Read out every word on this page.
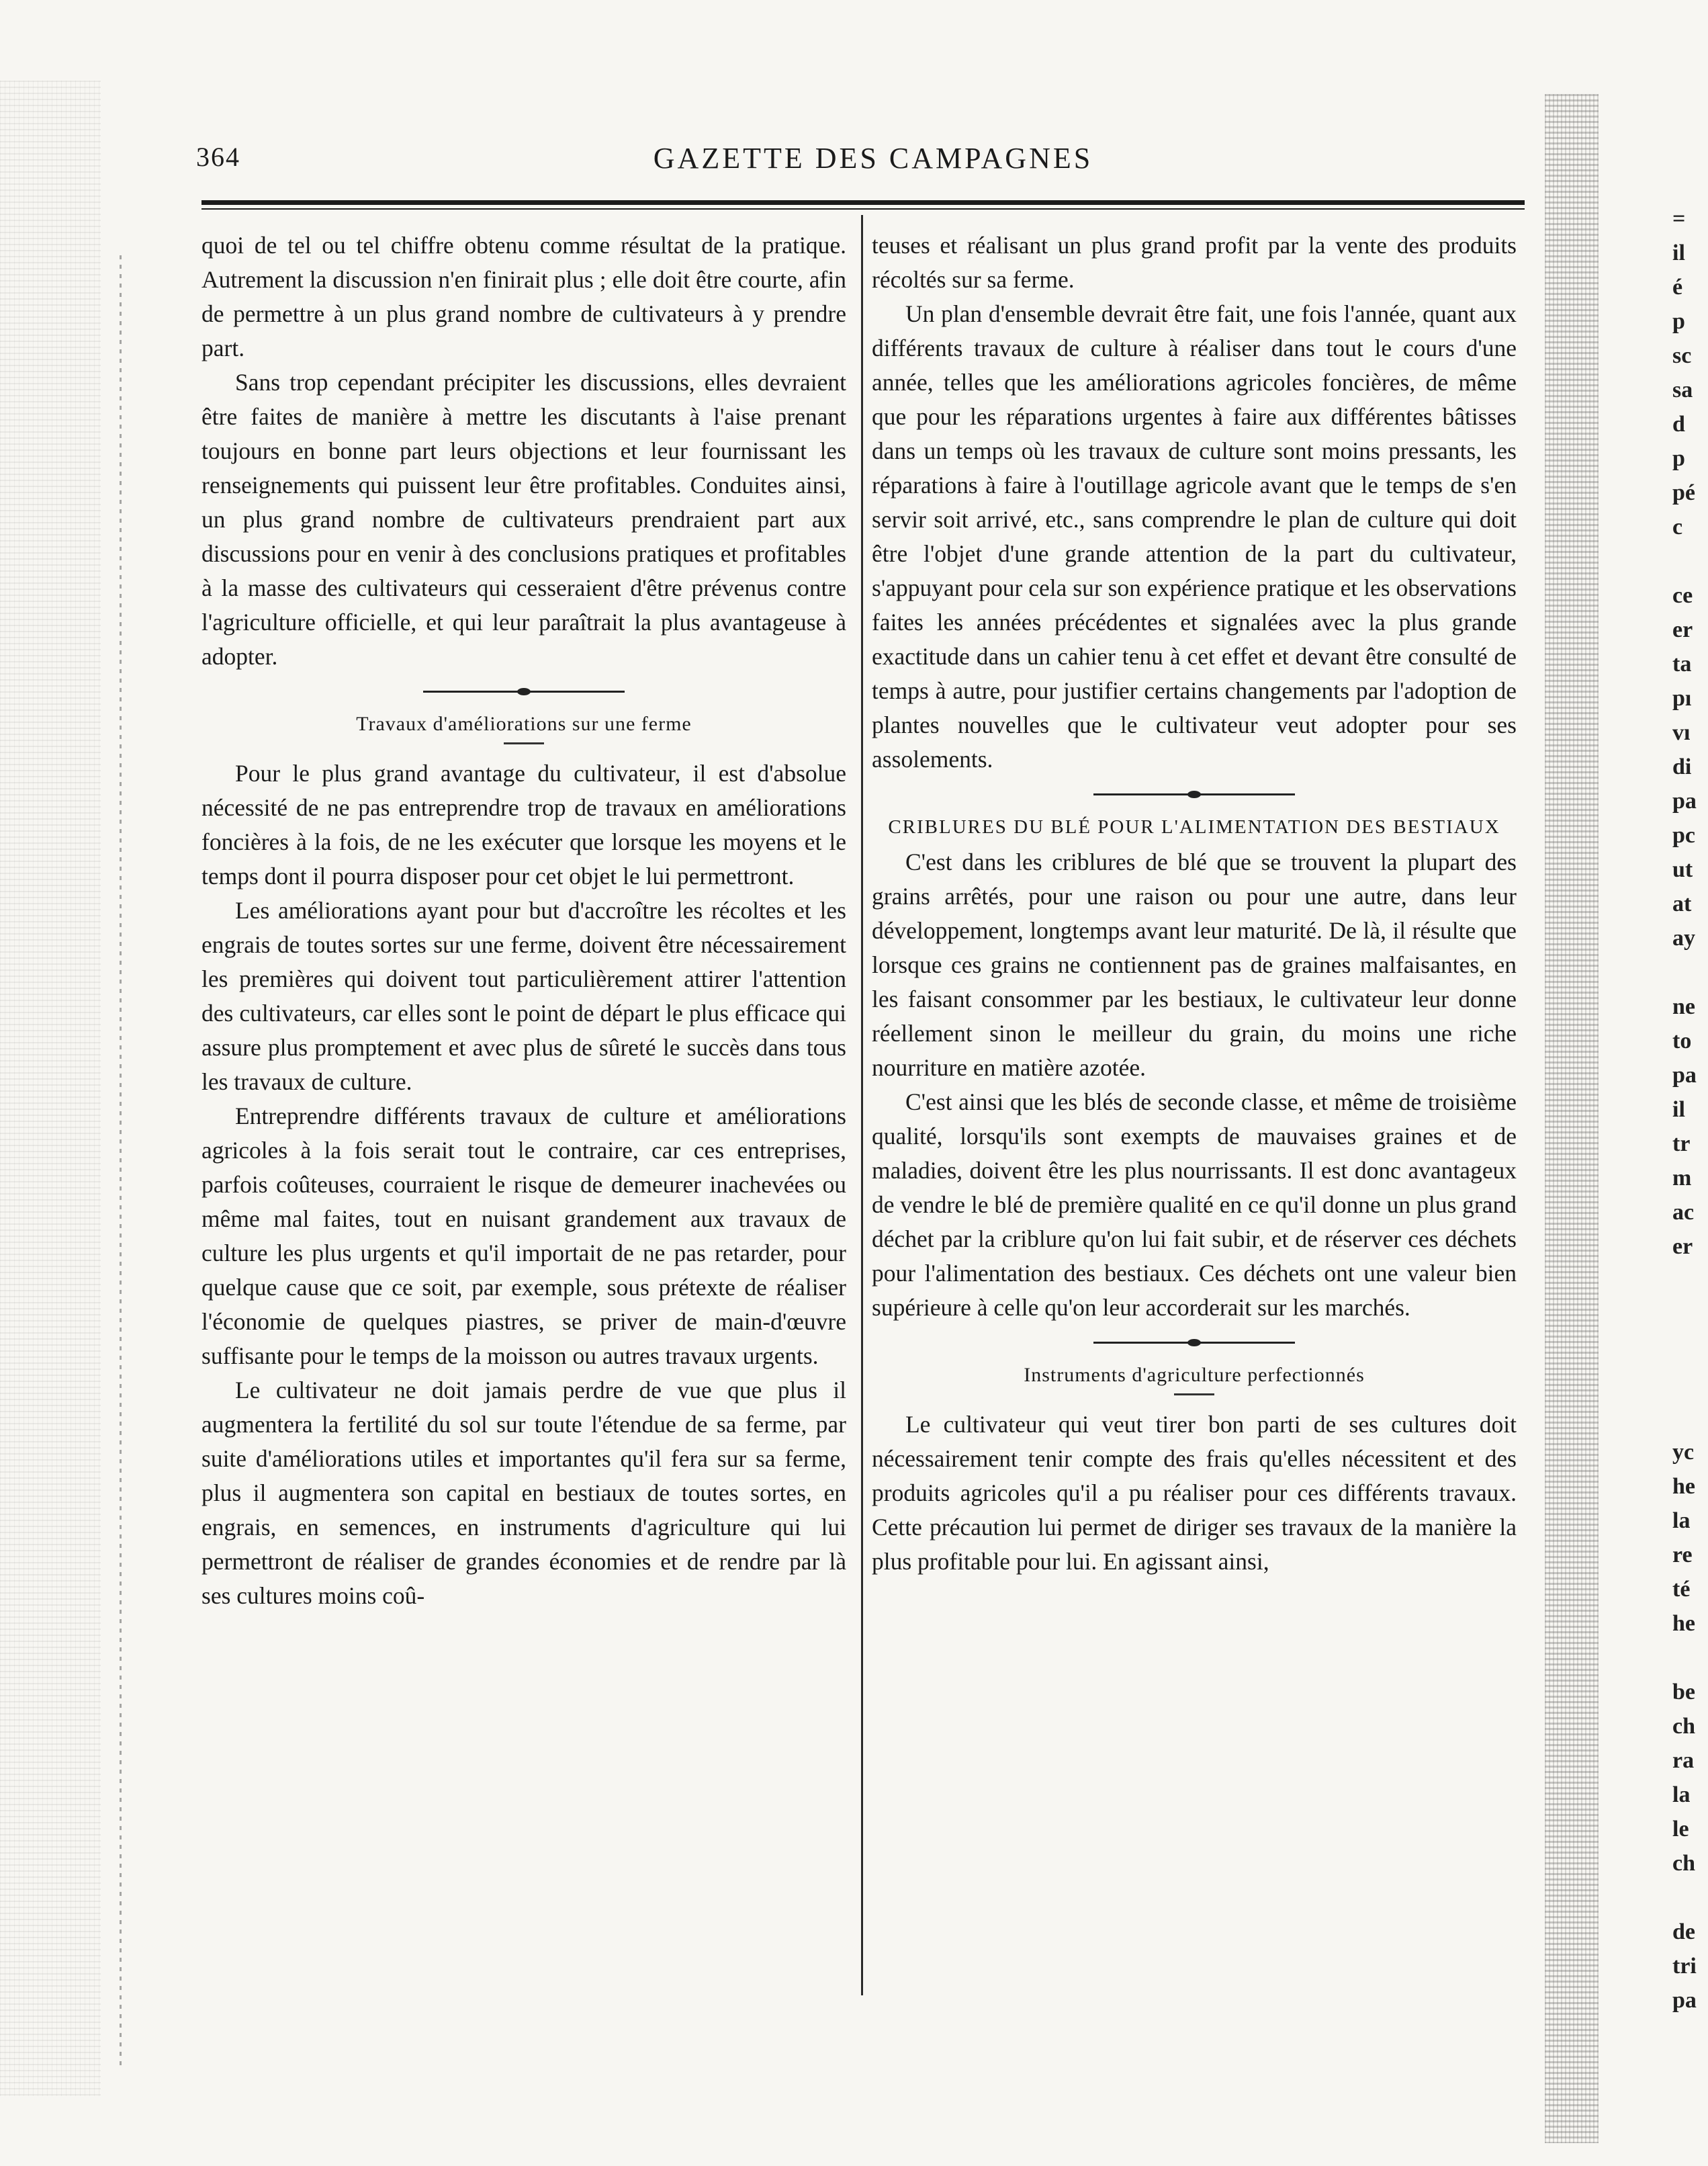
364	GAZETTE DES CAMPAGNES

quoi de tel ou tel chiffre obtenu comme résultat de la pratique. Autrement la discussion n'en finirait plus ; elle doit être courte, afin de permettre à un plus grand nombre de cultivateurs à y prendre part.

Sans trop cependant précipiter les discussions, elles devraient être faites de manière à mettre les discutants à l'aise prenant toujours en bonne part leurs objections et leur fournissant les renseignements qui puissent leur être profitables. Conduites ainsi, un plus grand nombre de cultivateurs prendraient part aux discussions pour en venir à des conclusions pratiques et profitables à la masse des cultivateurs qui cesseraient d'être prévenus contre l'agriculture officielle, et qui leur paraîtrait la plus avantageuse à adopter.

Travaux d'améliorations sur une ferme

Pour le plus grand avantage du cultivateur, il est d'absolue nécessité de ne pas entreprendre trop de travaux en améliorations foncières à la fois, de ne les exécuter que lorsque les moyens et le temps dont il pourra disposer pour cet objet le lui permettront.

Les améliorations ayant pour but d'accroître les récoltes et les engrais de toutes sortes sur une ferme, doivent être nécessairement les premières qui doivent tout particulièrement attirer l'attention des cultivateurs, car elles sont le point de départ le plus efficace qui assure plus promptement et avec plus de sûreté le succès dans tous les travaux de culture.

Entreprendre différents travaux de culture et améliorations agricoles à la fois serait tout le contraire, car ces entreprises, parfois coûteuses, courraient le risque de demeurer inachevées ou même mal faites, tout en nuisant grandement aux travaux de culture les plus urgents et qu'il importait de ne pas retarder, pour quelque cause que ce soit, par exemple, sous prétexte de réaliser l'économie de quelques piastres, se priver de main-d'œuvre suffisante pour le temps de la moisson ou autres travaux urgents.

Le cultivateur ne doit jamais perdre de vue que plus il augmentera la fertilité du sol sur toute l'étendue de sa ferme, par suite d'améliorations utiles et importantes qu'il fera sur sa ferme, plus il augmentera son capital en bestiaux de toutes sortes, en engrais, en semences, en instruments d'agriculture qui lui permettront de réaliser de grandes économies et de rendre par là ses cultures moins coû-

teuses et réalisant un plus grand profit par la vente des produits récoltés sur sa ferme.

Un plan d'ensemble devrait être fait, une fois l'année, quant aux différents travaux de culture à réaliser dans tout le cours d'une année, telles que les améliorations agricoles foncières, de même que pour les réparations urgentes à faire aux différentes bâtisses dans un temps où les travaux de culture sont moins pressants, les réparations à faire à l'outillage agricole avant que le temps de s'en servir soit arrivé, etc., sans comprendre le plan de culture qui doit être l'objet d'une grande attention de la part du cultivateur, s'appuyant pour cela sur son expérience pratique et les observations faites les années précédentes et signalées avec la plus grande exactitude dans un cahier tenu à cet effet et devant être consulté de temps à autre, pour justifier certains changements par l'adoption de plantes nouvelles que le cultivateur veut adopter pour ses assolements.

CRIBLURES DU BLÉ POUR L'ALIMENTATION DES BESTIAUX

C'est dans les criblures de blé que se trouvent la plupart des grains arrêtés, pour une raison ou pour une autre, dans leur développement, longtemps avant leur maturité. De là, il résulte que lorsque ces grains ne contiennent pas de graines malfaisantes, en les faisant consommer par les bestiaux, le cultivateur leur donne réellement sinon le meilleur du grain, du moins une riche nourriture en matière azotée.

C'est ainsi que les blés de seconde classe, et même de troisième qualité, lorsqu'ils sont exempts de mauvaises graines et de maladies, doivent être les plus nourrissants. Il est donc avantageux de vendre le blé de première qualité en ce qu'il donne un plus grand déchet par la criblure qu'on lui fait subir, et de réserver ces déchets pour l'alimentation des bestiaux. Ces déchets ont une valeur bien supérieure à celle qu'on leur accorderait sur les marchés.

Instruments d'agriculture perfectionnés

Le cultivateur qui veut tirer bon parti de ses cultures doit nécessairement tenir compte des frais qu'elles nécessitent et des produits agricoles qu'il a pu réaliser pour ces différents travaux. Cette précaution lui permet de diriger ses travaux de la manière la plus profitable pour lui. En agissant ainsi,

=
il
é
p
sc
sa
d
p
pé
c
ce
er
ta
pı
vı
di
pa
pc
ut
at
ay
ne
to
pa
il
tr
m
ac
er
yc
he
la
re
té
he
be
ch
ra
la
le
ch
de
tri
pa
